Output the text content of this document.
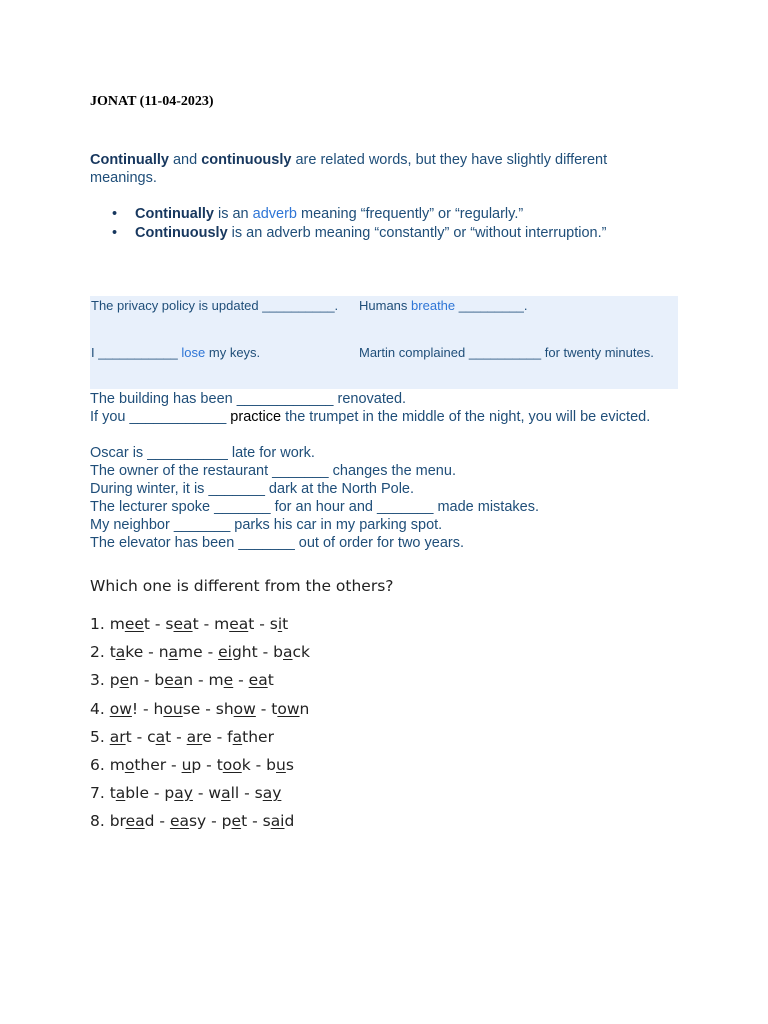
JONAT (11-04-2023)
Continually and continuously are related words, but they have slightly different meanings.
• Continually is an adverb meaning “frequently” or “regularly.”
• Continuously is an adverb meaning “constantly” or “without interruption.”
The privacy policy is updated __________. Humans breathe _________.
I ___________ lose my keys.	Martin complained __________ for twenty minutes.
The building has been ____________ renovated.
If you ____________ practice the trumpet in the middle of the night, you will be evicted.
Oscar is __________ late for work.
The owner of the restaurant _______ changes the menu.
During winter, it is _______ dark at the North Pole.
The lecturer spoke _______ for an hour and _______ made mistakes.
My neighbor _______ parks his car in my parking spot.
The elevator has been _______ out of order for two years.
Which one is different from the others?
1. meet - seat - meat - sit
2. take - name - eight - back
3. pen - bean - me - eat
4. ow! - house - show - town
5. art - cat - are - father
6. mother - up - took - bus
7. table - pay - wall - say
8. bread - easy - pet - said
